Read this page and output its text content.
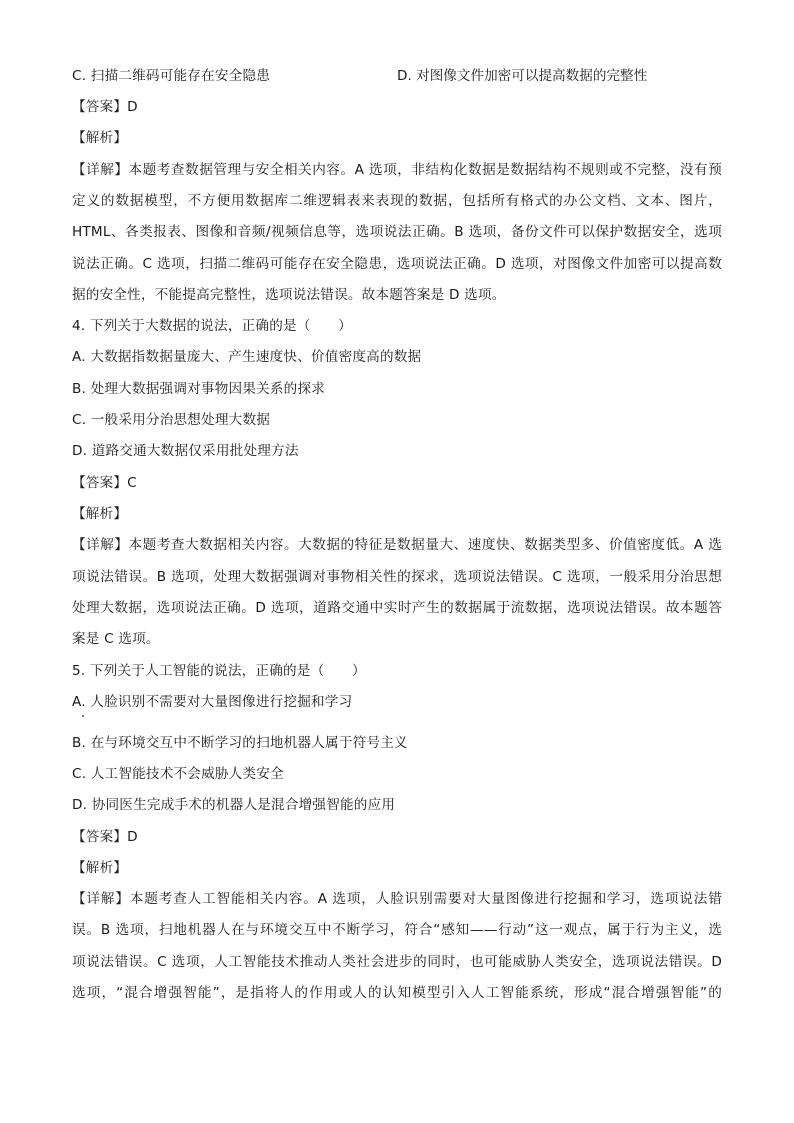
C. 扫描二维码可能存在安全隐患	D. 对图像文件加密可以提高数据的完整性
【答案】D
【解析】
【详解】本题考查数据管理与安全相关内容。A 选项，非结构化数据是数据结构不规则或不完整，没有预
定义的数据模型，不方便用数据库二维逻辑表来表现的数据，包括所有格式的办公文档、文本、图片，
HTML、各类报表、图像和音频/视频信息等，选项说法正确。B 选项，备份文件可以保护数据安全，选项
说法正确。C 选项，扫描二维码可能存在安全隐患，选项说法正确。D 选项，对图像文件加密可以提高数
据的安全性，不能提高完整性，选项说法错误。故本题答案是 D 选项。
4. 下列关于大数据的说法，正确的是（　　）
A. 大数据指数据量庞大、产生速度快、价值密度高的数据
B. 处理大数据强调对事物因果关系的探求
C. 一般采用分治思想处理大数据
D. 道路交通大数据仅采用批处理方法
【答案】C
【解析】
【详解】本题考查大数据相关内容。大数据的特征是数据量大、速度快、数据类型多、价值密度低。A 选
项说法错误。B 选项，处理大数据强调对事物相关性的探求，选项说法错误。C 选项，一般采用分治思想
处理大数据，选项说法正确。D 选项，道路交通中实时产生的数据属于流数据，选项说法错误。故本题答
案是 C 选项。
5. 下列关于人工智能的说法，正确的是（　　）
A. 人脸识别不需要对大量图像进行挖掘和学习
B. 在与环境交互中不断学习的扫地机器人属于符号主义
C. 人工智能技术不会威胁人类安全
D. 协同医生完成手术的机器人是混合增强智能的应用
【答案】D
【解析】
【详解】本题考查人工智能相关内容。A 选项，人脸识别需要对大量图像进行挖掘和学习，选项说法错
误。B 选项，扫地机器人在与环境交互中不断学习，符合“感知——行动”这一观点，属于行为主义，选
项说法错误。C 选项，人工智能技术推动人类社会进步的同时，也可能威胁人类安全，选项说法错误。D
选项，“混合增强智能”，是指将人的作用或人的认知模型引入人工智能系统，形成“混合增强智能”的
